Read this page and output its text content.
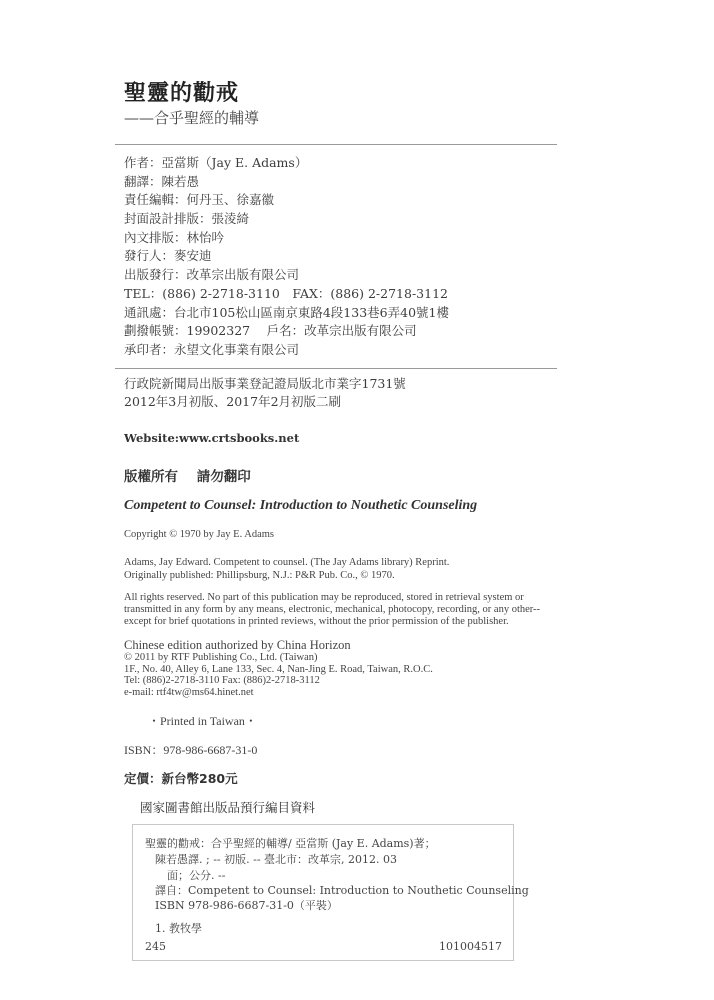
聖靈的勸戒
——合乎聖經的輔導
作者：亞當斯（Jay E. Adams）
翻譯：陳若愚
責任編輯：何丹玉、徐嘉徽
封面設計排版：張淩綺
內文排版：林怡吟
發行人：麥安迪
出版發行：改革宗出版有限公司
TEL：(886) 2-2718-3110　FAX：(886) 2-2718-3112
通訊處：台北市105松山區南京東路4段133巷6弄40號1樓
劃撥帳號：19902327　 戶名：改革宗出版有限公司
承印者：永望文化事業有限公司
行政院新聞局出版事業登記證局版北市業字1731號
2012年3月初版、2017年2月初版二刷
Website:www.crtsbooks.net
版權所有 請勿翻印
Competent to Counsel: Introduction to Nouthetic Counseling
Copyright © 1970 by Jay E. Adams
Adams, Jay Edward. Competent to counsel. (The Jay Adams library) Reprint.
Originally published: Phillipsburg, N.J.: P&R Pub. Co., © 1970.
All rights reserved. No part of this publication may be reproduced, stored in retrieval system or
transmitted in any form by any means, electronic, mechanical, photocopy, recording, or any other--
except for brief quotations in printed reviews, without the prior permission of the publisher.
Chinese edition authorized by China Horizon
© 2011 by RTF Publishing Co., Ltd. (Taiwan)
1F., No. 40, Alley 6, Lane 133, Sec. 4, Nan-Jing E. Road, Taiwan, R.O.C.
Tel: (886)2-2718-3110 Fax: (886)2-2718-3112
e-mail: rtf4tw@ms64.hinet.net
・Printed in Taiwan・
ISBN：978-986-6687-31-0
定價：新台幣280元
國家圖書館出版品預行編目資料
聖靈的勸戒：合乎聖經的輔導/ 亞當斯 (Jay E. Adams)著；
陳若愚譯. ; -- 初版. -- 臺北市：改革宗, 2012. 03
面；公分. --
譯自：Competent to Counsel: Introduction to Nouthetic Counseling
ISBN 978-986-6687-31-0（平裝）
1. 教牧學
245	101004517
